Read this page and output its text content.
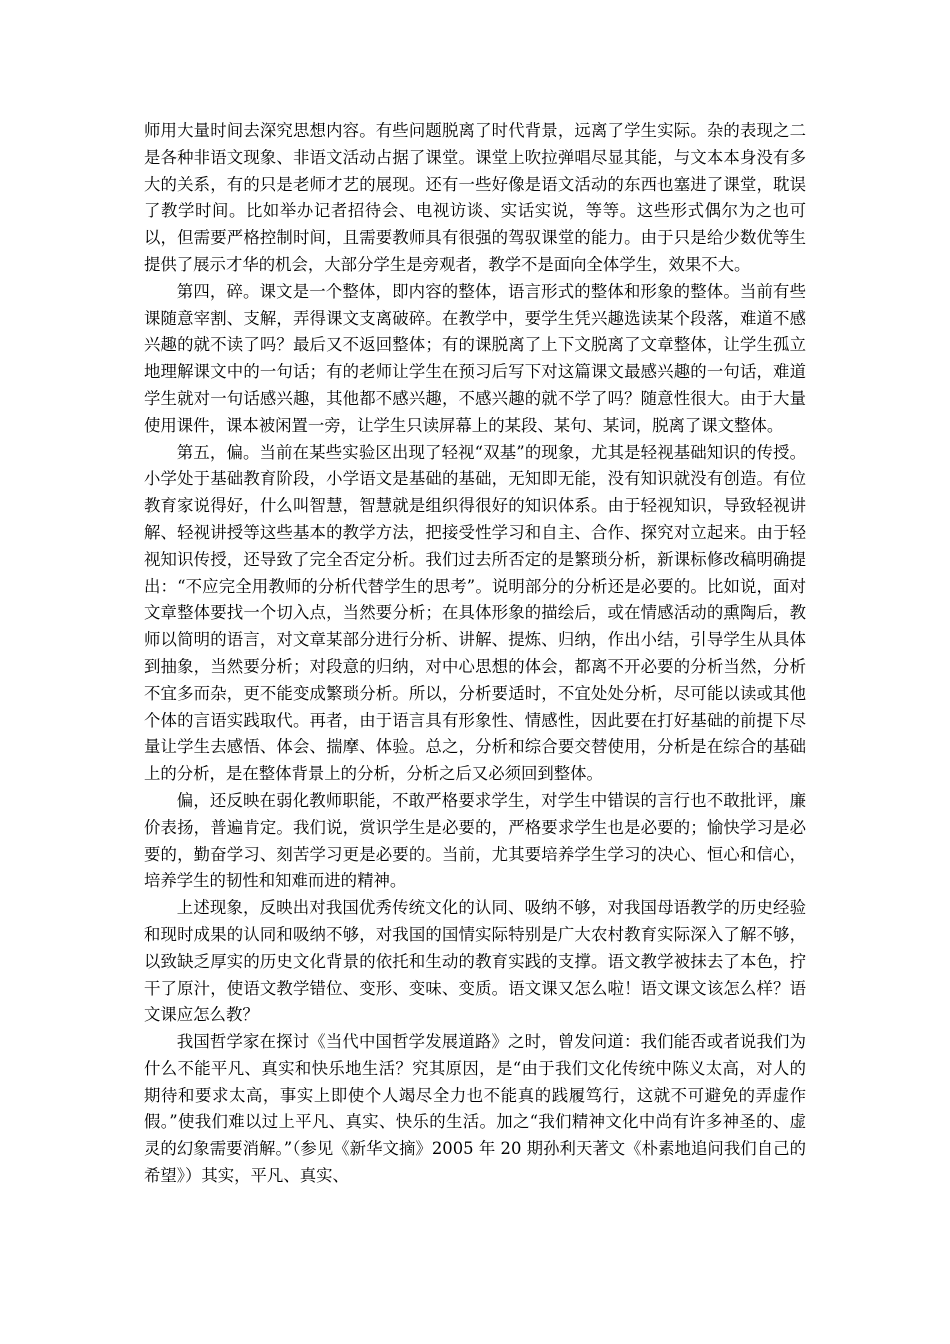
师用大量时间去深究思想内容。有些问题脱离了时代背景，远离了学生实际。杂的表现之二是各种非语文现象、非语文活动占据了课堂。课堂上吹拉弹唱尽显其能，与文本本身没有多大的关系，有的只是老师才艺的展现。还有一些好像是语文活动的东西也塞进了课堂，耽误了教学时间。比如举办记者招待会、电视访谈、实话实说，等等。这些形式偶尔为之也可以，但需要严格控制时间，且需要教师具有很强的驾驭课堂的能力。由于只是给少数优等生提供了展示才华的机会，大部分学生是旁观者，教学不是面向全体学生，效果不大。

第四，碎。课文是一个整体，即内容的整体，语言形式的整体和形象的整体。当前有些课随意宰割、支解，弄得课文支离破碎。在教学中，要学生凭兴趣选读某个段落，难道不感兴趣的就不读了吗？最后又不返回整体；有的课脱离了上下文脱离了文章整体，让学生孤立地理解课文中的一句话；有的老师让学生在预习后写下对这篇课文最感兴趣的一句话，难道学生就对一句话感兴趣，其他都不感兴趣，不感兴趣的就不学了吗？随意性很大。由于大量使用课件，课本被闲置一旁，让学生只读屏幕上的某段、某句、某词，脱离了课文整体。

第五，偏。当前在某些实验区出现了轻视“双基”的现象，尤其是轻视基础知识的传授。小学处于基础教育阶段，小学语文是基础的基础，无知即无能，没有知识就没有创造。有位教育家说得好，什么叫智慧，智慧就是组织得很好的知识体系。由于轻视知识，导致轻视讲解、轻视讲授等这些基本的教学方法，把接受性学习和自主、合作、探究对立起来。由于轻视知识传授，还导致了完全否定分析。我们过去所否定的是繁琐分析，新课标修改稿明确提出：“不应完全用教师的分析代替学生的思考”。说明部分的分析还是必要的。比如说，面对文章整体要找一个切入点，当然要分析；在具体形象的描绘后，或在情感活动的熏陶后，教师以简明的语言，对文章某部分进行分析、讲解、提炼、归纳，作出小结，引导学生从具体到抽象，当然要分析；对段意的归纳，对中心思想的体会，都离不开必要的分析当然，分析不宜多而杂，更不能变成繁琐分析。所以，分析要适时，不宜处处分析，尽可能以读或其他个体的言语实践取代。再者，由于语言具有形象性、情感性，因此要在打好基础的前提下尽量让学生去感悟、体会、揣摩、体验。总之，分析和综合要交替使用，分析是在综合的基础上的分析，是在整体背景上的分析，分析之后又必须回到整体。

偏，还反映在弱化教师职能，不敢严格要求学生，对学生中错误的言行也不敢批评，廉价表扬，普遍肯定。我们说，赏识学生是必要的，严格要求学生也是必要的；愉快学习是必要的，勤奋学习、刻苦学习更是必要的。当前，尤其要培养学生学习的决心、恒心和信心，培养学生的韧性和知难而进的精神。

上述现象，反映出对我国优秀传统文化的认同、吸纳不够，对我国母语教学的历史经验和现时成果的认同和吸纳不够，对我国的国情实际特别是广大农村教育实际深入了解不够，以致缺乏厚实的历史文化背景的依托和生动的教育实践的支撑。语文教学被抹去了本色，拧干了原汁，使语文教学错位、变形、变味、变质。语文课又怎么啦！语文课文该怎么样？语文课应怎么教？

我国哲学家在探讨《当代中国哲学发展道路》之时，曾发问道：我们能否或者说我们为什么不能平凡、真实和快乐地生活？究其原因，是“由于我们文化传统中陈义太高，对人的期待和要求太高，事实上即使个人竭尽全力也不能真的践履笃行，这就不可避免的弄虚作假。”使我们难以过上平凡、真实、快乐的生活。加之“我们精神文化中尚有许多神圣的、虚灵的幻象需要消解。”（参见《新华文摘》2005 年 20 期孙利天著文《朴素地追问我们自己的希望》）其实，平凡、真实、
